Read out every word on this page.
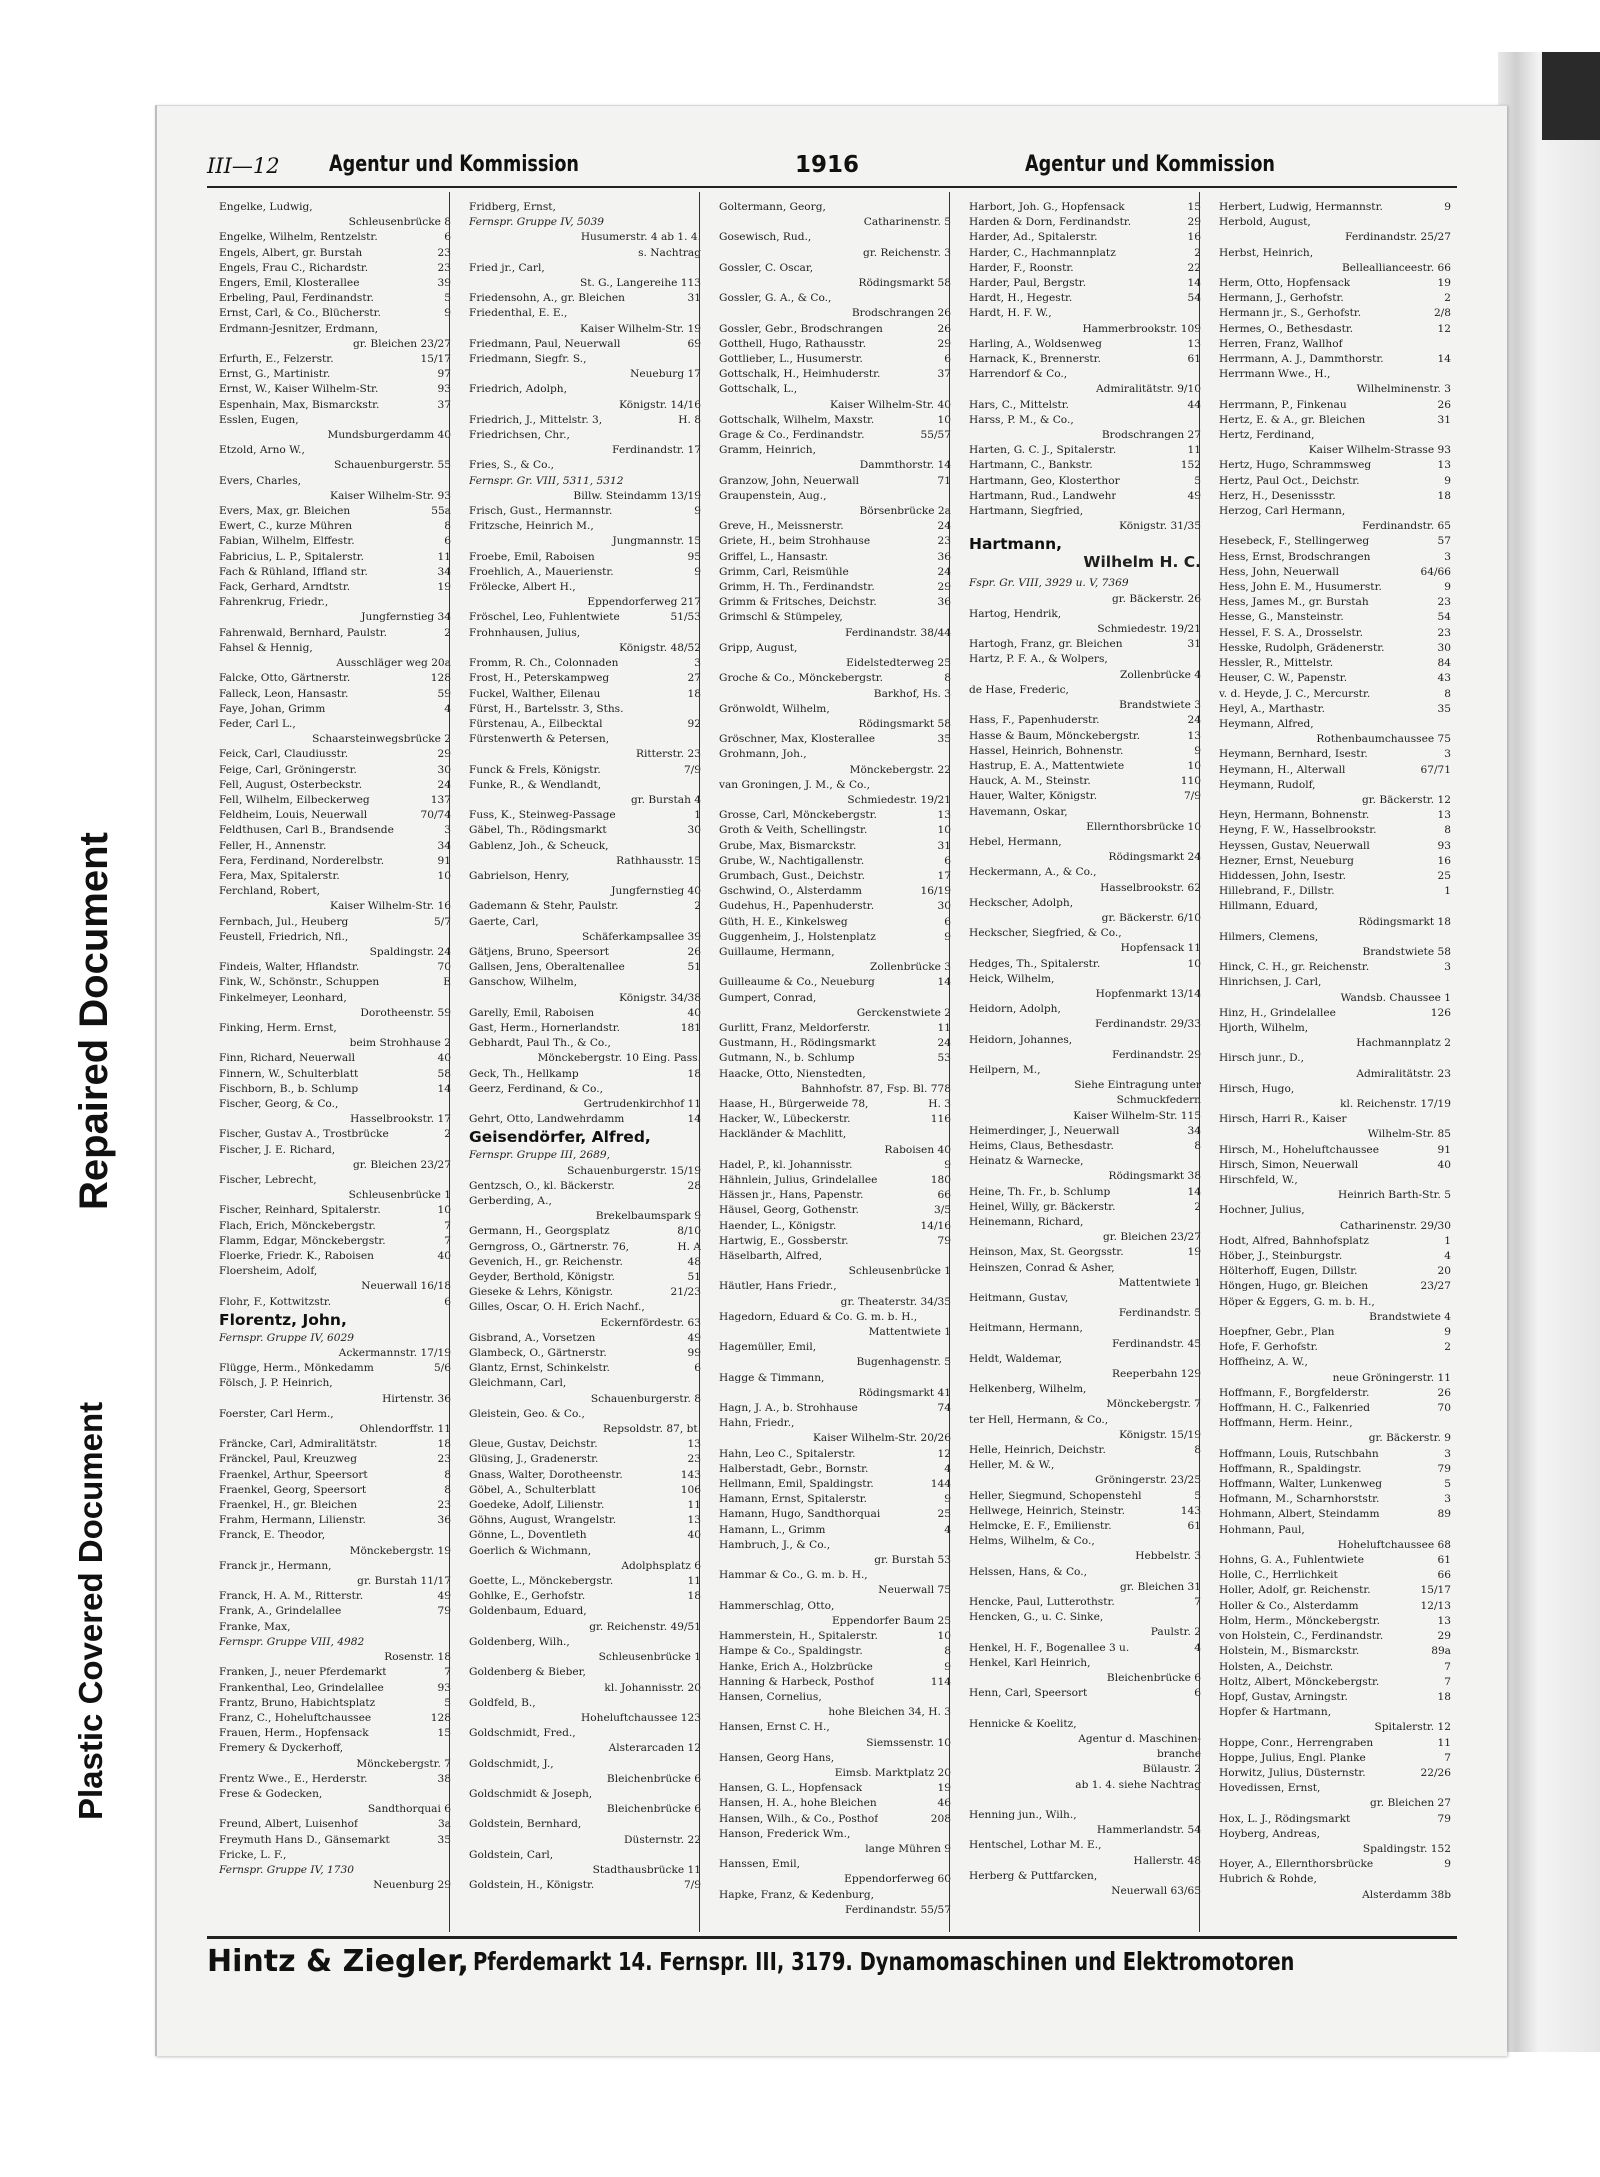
Repaired Document
Plastic Covered Document
III—12 Agentur und Kommission	1916	Agentur und Kommission
Engelke, Ludwig,
Schleusenbrücke 8
Engelke, Wilhelm, Rentzelstr.	6
Engels, Albert, gr. Burstah	23
Engels, Frau C., Richardstr.	23
Engers, Emil, Klosterallee	39
Erbeling, Paul, Ferdinandstr.	5
Ernst, Carl, & Co., Blücherstr.	9
Erdmann-Jesnitzer, Erdmann,
gr. Bleichen 23/27
Erfurth, E., Felzerstr.	15/17
Ernst, G., Martinistr.	97
Ernst, W., Kaiser Wilhelm-Str.	93
Espenhain, Max, Bismarckstr.	37
Esslen, Eugen,
Mundsburgerdamm 40
Etzold, Arno W.,
Schauenburgerstr. 55
Evers, Charles,
Kaiser Wilhelm-Str. 93
Evers, Max, gr. Bleichen	55a
Ewert, C., kurze Mühren	8
Fabian, Wilhelm, Elffestr.	6
Fabricius, L. P., Spitalerstr.	11
Fach & Rühland, Iffland str.	34
Fack, Gerhard, Arndtstr.	19
Fahrenkrug, Friedr.,
Jungfernstieg 34
Fahrenwald, Bernhard, Paulstr.	2
Fahsel & Hennig,
Ausschläger weg 20a
Falcke, Otto, Gärtnerstr.	128
Falleck, Leon, Hansastr.	59
Faye, Johan, Grimm	4
Feder, Carl L.,
Schaarsteinwegsbrücke 2
Feick, Carl, Claudiusstr.	29
Feige, Carl, Gröningerstr.	30
Fell, August, Osterbeckstr.	24
Fell, Wilhelm, Eilbeckerweg	137
Feldheim, Louis, Neuerwall	70/74
Feldthusen, Carl B., Brandsende	3
Feller, H., Annenstr.	34
Fera, Ferdinand, Norderelbstr.	91
Fera, Max, Spitalerstr.	10
Ferchland, Robert,
Kaiser Wilhelm-Str. 16
Fernbach, Jul., Heuberg	5/7
Feustell, Friedrich, Nfl.,
Spaldingstr. 24
Findeis, Walter, Hflandstr.	70
Fink, W., Schönstr., Schuppen	E
Finkelmeyer, Leonhard,
Dorotheenstr. 59
Finking, Herm. Ernst,
beim Strohhause 2
Finn, Richard, Neuerwall	40
Finnern, W., Schulterblatt	58
Fischborn, B., b. Schlump	14
Fischer, Georg, & Co.,
Hasselbrookstr. 17
Fischer, Gustav A., Trostbrücke	2
Fischer, J. E. Richard,
gr. Bleichen 23/27
Fischer, Lebrecht,
Schleusenbrücke 1
Fischer, Reinhard, Spitalerstr.	10
Flach, Erich, Mönckebergstr.	7
Flamm, Edgar, Mönckebergstr.	7
Floerke, Friedr. K., Raboisen	40
Floersheim, Adolf,
Neuerwall 16/18
Flohr, F., Kottwitzstr.	6
Florentz, John,
Fernspr. Gruppe IV, 6029
Ackermannstr. 17/19
Flügge, Herm., Mönkedamm	5/6
Fölsch, J. P. Heinrich,
Hirtenstr. 36
Foerster, Carl Herm.,
Ohlendorffstr. 11
Fräncke, Carl, Admiralitätstr.	18
Fränckel, Paul, Kreuzweg	23
Fraenkel, Arthur, Speersort	8
Fraenkel, Georg, Speersort	8
Fraenkel, H., gr. Bleichen	23
Frahm, Hermann, Lilienstr.	36
Franck, E. Theodor,
Mönckebergstr. 19
Franck jr., Hermann,
gr. Burstah 11/17
Franck, H. A. M., Ritterstr.	49
Frank, A., Grindelallee	79
Franke, Max,
Fernspr. Gruppe VIII, 4982
Rosenstr. 18
Franken, J., neuer Pferdemarkt	7
Frankenthal, Leo, Grindelallee	93
Frantz, Bruno, Habichtsplatz	5
Franz, C., Hoheluftchaussee	128
Frauen, Herm., Hopfensack	15
Fremery & Dyckerhoff,
Mönckebergstr. 7
Frentz Wwe., E., Herderstr.	38
Frese & Godecken,
Sandthorquai 6
Freund, Albert, Luisenhof	3a
Freymuth Hans D., Gänsemarkt	35
Fricke, L. F.,
Fernspr. Gruppe IV, 1730
Neuenburg 29
Fridberg, Ernst,
Fernspr. Gruppe IV, 5039
Husumerstr. 4 ab 1. 4.
s. Nachtrag
Fried jr., Carl,
St. G., Langereihe 113
Friedensohn, A., gr. Bleichen	31
Friedenthal, E. E.,
Kaiser Wilhelm-Str. 19
Friedmann, Paul, Neuerwall	69
Friedmann, Siegfr. S.,
Neueburg 17
Friedrich, Adolph,
Königstr. 14/16
Friedrich, J., Mittelstr. 3,	H. 8
Friedrichsen, Chr.,
Ferdinandstr. 17
Fries, S., & Co.,
Fernspr. Gr. VIII, 5311, 5312
Billw. Steindamm 13/19
Frisch, Gust., Hermannstr.	9
Fritzsche, Heinrich M.,
Jungmannstr. 15
Froebe, Emil, Raboisen	95
Froehlich, A., Mauerienstr.	9
Frölecke, Albert H.,
Eppendorferweg 217
Fröschel, Leo, Fuhlentwiete	51/53
Frohnhausen, Julius,
Königstr. 48/52
Fromm, R. Ch., Colonnaden	3
Frost, H., Peterskampweg	27
Fuckel, Walther, Eilenau	18
Fürst, H., Bartelsstr. 3, Sths.
Fürstenau, A., Eilbecktal	92
Fürstenwerth & Petersen,
Ritterstr. 23
Funck & Frels, Königstr.	7/9
Funke, R., & Wendlandt,
gr. Burstah 4
Fuss, K., Steinweg-Passage	1
Gäbel, Th., Rödingsmarkt	30
Gablenz, Joh., & Scheuck,
Rathhausstr. 15
Gabrielson, Henry,
Jungfernstieg 40
Gademann & Stehr, Paulstr.	2
Gaerte, Carl,
Schäferkampsallee 39
Gätjens, Bruno, Speersort	26
Gallsen, Jens, Oberaltenallee	51
Ganschow, Wilhelm,
Königstr. 34/38
Garelly, Emil, Raboisen	40
Gast, Herm., Hornerlandstr.	181
Gebhardt, Paul Th., & Co.,
Mönckebergstr. 10 Eing. Pass.
Geck, Th., Hellkamp	18
Geerz, Ferdinand, & Co.,
Gertrudenkirchhof 11
Gehrt, Otto, Landwehrdamm	14
Geisendörfer, Alfred,
Fernspr. Gruppe III, 2689,
Schauenburgerstr. 15/19
Gentzsch, O., kl. Bäckerstr.	28
Gerberding, A.,
Brekelbaumspark 9
Germann, H., Georgsplatz	8/10
Gerngross, O., Gärtnerstr. 76,	H. A
Gevenich, H., gr. Reichenstr.	48
Geyder, Berthold, Königstr.	51
Gieseke & Lehrs, Königstr.	21/23
Gilles, Oscar, O. H. Erich Nachf.,
Eckernfördestr. 63
Gisbrand, A., Vorsetzen	49
Glambeck, O., Gärtnerstr.	99
Glantz, Ernst, Schinkelstr.	6
Gleichmann, Carl,
Schauenburgerstr. 8
Gleistein, Geo. & Co.,
Repsoldstr. 87, bt.
Gleue, Gustav, Deichstr.	13
Glüsing, J., Gradenerstr.	23
Gnass, Walter, Dorotheenstr.	143
Göbel, A., Schulterblatt	106
Goedeke, Adolf, Lilienstr.	11
Göhns, August, Wrangelstr.	13
Gönne, L., Doventleth	40
Goerlich & Wichmann,
Adolphsplatz 6
Goette, L., Mönckebergstr.	11
Gohlke, E., Gerhofstr.	18
Goldenbaum, Eduard,
gr. Reichenstr. 49/51
Goldenberg, Wilh.,
Schleusenbrücke 1
Goldenberg & Bieber,
kl. Johannisstr. 20
Goldfeld, B.,
Hoheluftchaussee 123
Goldschmidt, Fred.,
Alsterarcaden 12
Goldschmidt, J.,
Bleichenbrücke 6
Goldschmidt & Joseph,
Bleichenbrücke 6
Goldstein, Bernhard,
Düsternstr. 22
Goldstein, Carl,
Stadthausbrücke 11
Goldstein, H., Königstr.	7/9
Goltermann, Georg,
Catharinenstr. 5
Gosewisch, Rud.,
gr. Reichenstr. 3
Gossler, C. Oscar,
Rödingsmarkt 58
Gossler, G. A., & Co.,
Brodschrangen 26
Gossler, Gebr., Brodschrangen	26
Gotthell, Hugo, Rathausstr.	29
Gottlieber, L., Husumerstr.	6
Gottschalk, H., Heimhuderstr.	37
Gottschalk, L.,
Kaiser Wilhelm-Str. 40
Gottschalk, Wilhelm, Maxstr.	10
Grage & Co., Ferdinandstr.	55/57
Gramm, Heinrich,
Dammthorstr. 14
Granzow, John, Neuerwall	71
Graupenstein, Aug.,
Börsenbrücke 2a
Greve, H., Meissnerstr.	24
Griete, H., beim Strohhause	23
Griffel, L., Hansastr.	36
Grimm, Carl, Reismühle	24
Grimm, H. Th., Ferdinandstr.	29
Grimm & Fritsches, Deichstr.	36
Grimschl & Stümpeley,
Ferdinandstr. 38/44
Gripp, August,
Eidelstedterweg 25
Groche & Co., Mönckebergstr.	8
Barkhof, Hs. 3
Grönwoldt, Wilhelm,
Rödingsmarkt 58
Gröschner, Max, Klosterallee	35
Grohmann, Joh.,
Mönckebergstr. 22
van Groningen, J. M., & Co.,
Schmiedestr. 19/21
Grosse, Carl, Mönckebergstr.	13
Groth & Veith, Schellingstr.	10
Grube, Max, Bismarckstr.	31
Grube, W., Nachtigallenstr.	6
Grumbach, Gust., Deichstr.	17
Gschwind, O., Alsterdamm	16/19
Gudehus, H., Papenhuderstr.	30
Güth, H. E., Kinkelsweg	6
Guggenheim, J., Holstenplatz	9
Guillaume, Hermann,
Zollenbrücke 3
Guilleaume & Co., Neueburg	14
Gumpert, Conrad,
Gerckenstwiete 2
Gurlitt, Franz, Meldorferstr.	11
Gustmann, H., Rödingsmarkt	24
Gutmann, N., b. Schlump	53
Haacke, Otto, Nienstedten,
Bahnhofstr. 87, Fsp. Bl. 778
Haase, H., Bürgerweide 78,	H. 3
Hacker, W., Lübeckerstr.	116
Hackländer & Machlitt,
Raboisen 40
Hadel, P., kl. Johannisstr.	9
Hähnlein, Julius, Grindelallee	180
Hässen jr., Hans, Papenstr.	66
Häusel, Georg, Gothenstr.	3/5
Haender, L., Königstr.	14/16
Hartwig, E., Gossberstr.	79
Häselbarth, Alfred,
Schleusenbrücke 1
Häutler, Hans Friedr.,
gr. Theaterstr. 34/35
Hagedorn, Eduard & Co. G. m. b. H.,
Mattentwiete 1
Hagemüller, Emil,
Bugenhagenstr. 5
Hagge & Timmann,
Rödingsmarkt 41
Hagn, J. A., b. Strohhause	74
Hahn, Friedr.,
Kaiser Wilhelm-Str. 20/26
Hahn, Leo C., Spitalerstr.	12
Halberstadt, Gebr., Bornstr.	4
Hellmann, Emil, Spaldingstr.	144
Hamann, Ernst, Spitalerstr.	9
Hamann, Hugo, Sandthorquai	25
Hamann, L., Grimm	4
Hambruch, J., & Co.,
gr. Burstah 53
Hammar & Co., G. m. b. H.,
Neuerwall 75
Hammerschlag, Otto,
Eppendorfer Baum 25
Hammerstein, H., Spitalerstr.	10
Hampe & Co., Spaldingstr.	8
Hanke, Erich A., Holzbrücke	9
Hanning & Harbeck, Posthof	114
Hansen, Cornelius,
hohe Bleichen 34, H. 3
Hansen, Ernst C. H.,
Siemssenstr. 10
Hansen, Georg Hans,
Eimsb. Marktplatz 20
Hansen, G. L., Hopfensack	19
Hansen, H. A., hohe Bleichen	46
Hansen, Wilh., & Co., Posthof	208
Hanson, Frederick Wm.,
lange Mühren 9
Hanssen, Emil,
Eppendorferweg 60
Hapke, Franz, & Kedenburg,
Ferdinandstr. 55/57
Harbort, Joh. G., Hopfensack	15
Harden & Dorn, Ferdinandstr.	29
Harder, Ad., Spitalerstr.	16
Harder, C., Hachmannplatz	2
Harder, F., Roonstr.	22
Harder, Paul, Bergstr.	14
Hardt, H., Hegestr.	54
Hardt, H. F. W.,
Hammerbrookstr. 109
Harling, A., Woldsenweg	13
Harnack, K., Brennerstr.	61
Harrendorf & Co.,
Admiralitätstr. 9/10
Hars, C., Mittelstr.	44
Harss, P. M., & Co.,
Brodschrangen 27
Harten, G. C. J., Spitalerstr.	11
Hartmann, C., Bankstr.	152
Hartmann, Geo, Klosterthor	5
Hartmann, Rud., Landwehr	49
Hartmann, Siegfried,
Königstr. 31/35
Hartmann,
Wilhelm H. C.
Fspr. Gr. VIII, 3929 u. V, 7369
gr. Bäckerstr. 26
Hartog, Hendrik,
Schmiedestr. 19/21
Hartogh, Franz, gr. Bleichen	31
Hartz, P. F. A., & Wolpers,
Zollenbrücke 4
de Hase, Frederic,
Brandstwiete 3
Hass, F., Papenhuderstr.	24
Hasse & Baum, Mönckebergstr.	13
Hassel, Heinrich, Bohnenstr.	9
Hastrup, E. A., Mattentwiete	10
Hauck, A. M., Steinstr.	110
Hauer, Walter, Königstr.	7/9
Havemann, Oskar,
Ellernthorsbrücke 10
Hebel, Hermann,
Rödingsmarkt 24
Heckermann, A., & Co.,
Hasselbrookstr. 62
Heckscher, Adolph,
gr. Bäckerstr. 6/10
Heckscher, Siegfried, & Co.,
Hopfensack 11
Hedges, Th., Spitalerstr.	10
Heick, Wilhelm,
Hopfenmarkt 13/14
Heidorn, Adolph,
Ferdinandstr. 29/33
Heidorn, Johannes,
Ferdinandstr. 29
Heilpern, M.,
Siehe Eintragung unter
Schmuckfedern
Kaiser Wilhelm-Str. 115
Heimerdinger, J., Neuerwall	34
Heims, Claus, Bethesdastr.	8
Heinatz & Warnecke,
Rödingsmarkt 38
Heine, Th. Fr., b. Schlump	14
Heinel, Willy, gr. Bäckerstr.	2
Heinemann, Richard,
gr. Bleichen 23/27
Heinson, Max, St. Georgsstr.	19
Heinszen, Conrad & Asher,
Mattentwiete 1
Heitmann, Gustav,
Ferdinandstr. 5
Heitmann, Hermann,
Ferdinandstr. 45
Heldt, Waldemar,
Reeperbahn 129
Helkenberg, Wilhelm,
Mönckebergstr. 7
ter Hell, Hermann, & Co.,
Königstr. 15/19
Helle, Heinrich, Deichstr.	8
Heller, M. & W.,
Gröningerstr. 23/25
Heller, Siegmund, Schopenstehl	5
Hellwege, Heinrich, Steinstr.	143
Helmcke, E. F., Emilienstr.	61
Helms, Wilhelm, & Co.,
Hebbelstr. 3
Helssen, Hans, & Co.,
gr. Bleichen 31
Hencke, Paul, Lutterothstr.	7
Hencken, G., u. C. Sinke,
Paulstr. 2
Henkel, H. F., Bogenallee 3 u.	4
Henkel, Karl Heinrich,
Bleichenbrücke 6
Henn, Carl, Speersort	6

Hennicke & Koelitz,
Agentur d. Maschinen-
branche
Bülaustr. 2
ab 1. 4. siehe Nachtrag

Henning jun., Wilh.,
Hammerlandstr. 54
Hentschel, Lothar M. E.,
Hallerstr. 48
Herberg & Puttfarcken,
Neuerwall 63/65
Herbert, Ludwig, Hermannstr.	9
Herbold, August,
Ferdinandstr. 25/27
Herbst, Heinrich,
Belleallianceestr. 66
Herm, Otto, Hopfensack	19
Hermann, J., Gerhofstr.	2
Hermann jr., S., Gerhofstr.	2/8
Hermes, O., Bethesdastr.	12
Herren, Franz, Wallhof
Herrmann, A. J., Dammthorstr.	14
Herrmann Wwe., H.,
Wilhelminenstr. 3
Herrmann, P., Finkenau	26
Hertz, E. & A., gr. Bleichen	31
Hertz, Ferdinand,
Kaiser Wilhelm-Strasse 93
Hertz, Hugo, Schrammsweg	13
Hertz, Paul Oct., Deichstr.	9
Herz, H., Desenissstr.	18
Herzog, Carl Hermann,
Ferdinandstr. 65
Hesebeck, F., Stellingerweg	57
Hess, Ernst, Brodschrangen	3
Hess, John, Neuerwall	64/66
Hess, John E. M., Husumerstr.	9
Hess, James M., gr. Burstah	23
Hesse, G., Mansteinstr.	54
Hessel, F. S. A., Drosselstr.	23
Hesske, Rudolph, Grädenerstr.	30
Hessler, R., Mittelstr.	84
Heuser, C. W., Papenstr.	43
v. d. Heyde, J. C., Mercurstr.	8
Heyl, A., Marthastr.	35
Heymann, Alfred,
Rothenbaumchaussee 75
Heymann, Bernhard, Isestr.	3
Heymann, H., Alterwall	67/71
Heymann, Rudolf,
gr. Bäckerstr. 12
Heyn, Hermann, Bohnenstr.	13
Heyng, F. W., Hasselbrookstr.	8
Heyssen, Gustav, Neuerwall	93
Hezner, Ernst, Neueburg	16
Hiddessen, John, Isestr.	25
Hillebrand, F., Dillstr.	1
Hillmann, Eduard,
Rödingsmarkt 18
Hilmers, Clemens,
Brandstwiete 58
Hinck, C. H., gr. Reichenstr.	3
Hinrichsen, J. Carl,
Wandsb. Chaussee 1
Hinz, H., Grindelallee	126
Hjorth, Wilhelm,
Hachmannplatz 2
Hirsch junr., D.,
Admiralitätstr. 23
Hirsch, Hugo,
kl. Reichenstr. 17/19
Hirsch, Harri R., Kaiser
Wilhelm-Str. 85
Hirsch, M., Hoheluftchaussee	91
Hirsch, Simon, Neuerwall	40
Hirschfeld, W.,
Heinrich Barth-Str. 5
Hochner, Julius,
Catharinenstr. 29/30
Hodt, Alfred, Bahnhofsplatz	1
Höber, J., Steinburgstr.	4
Hölterhoff, Eugen, Dillstr.	20
Höngen, Hugo, gr. Bleichen	23/27
Höper & Eggers, G. m. b. H.,
Brandstwiete 4
Hoepfner, Gebr., Plan	9
Hofe, F. Gerhofstr.	2
Hoffheinz, A. W.,
neue Gröningerstr. 11
Hoffmann, F., Borgfelderstr.	26
Hoffmann, H. C., Falkenried	70
Hoffmann, Herm. Heinr.,
gr. Bäckerstr. 9
Hoffmann, Louis, Rutschbahn	3
Hoffmann, R., Spaldingstr.	79
Hoffmann, Walter, Lunkenweg	5
Hofmann, M., Scharnhorststr.	3
Hohmann, Albert, Steindamm	89
Hohmann, Paul,
Hoheluftchaussee 68
Hohns, G. A., Fuhlentwiete	61
Holle, C., Herrlichkeit	66
Holler, Adolf, gr. Reichenstr.	15/17
Holler & Co., Alsterdamm	12/13
Holm, Herm., Mönckebergstr.	13
von Holstein, C., Ferdinandstr.	29
Holstein, M., Bismarckstr.	89a
Holsten, A., Deichstr.	7
Holtz, Albert, Mönckebergstr.	7
Hopf, Gustav, Arningstr.	18
Hopfer & Hartmann,
Spitalerstr. 12
Hoppe, Conr., Herrengraben	11
Hoppe, Julius, Engl. Planke	7
Horwitz, Julius, Düsternstr.	22/26
Hovedissen, Ernst,
gr. Bleichen 27
Hox, L. J., Rödingsmarkt	79
Hoyberg, Andreas,
Spaldingstr. 152
Hoyer, A., Ellernthorsbrücke	9
Hubrich & Rohde,
Alsterdamm 38b
Hintz & Ziegler, Pferdemarkt 14. Fernspr. III, 3179. Dynamomaschinen und Elektromotoren
